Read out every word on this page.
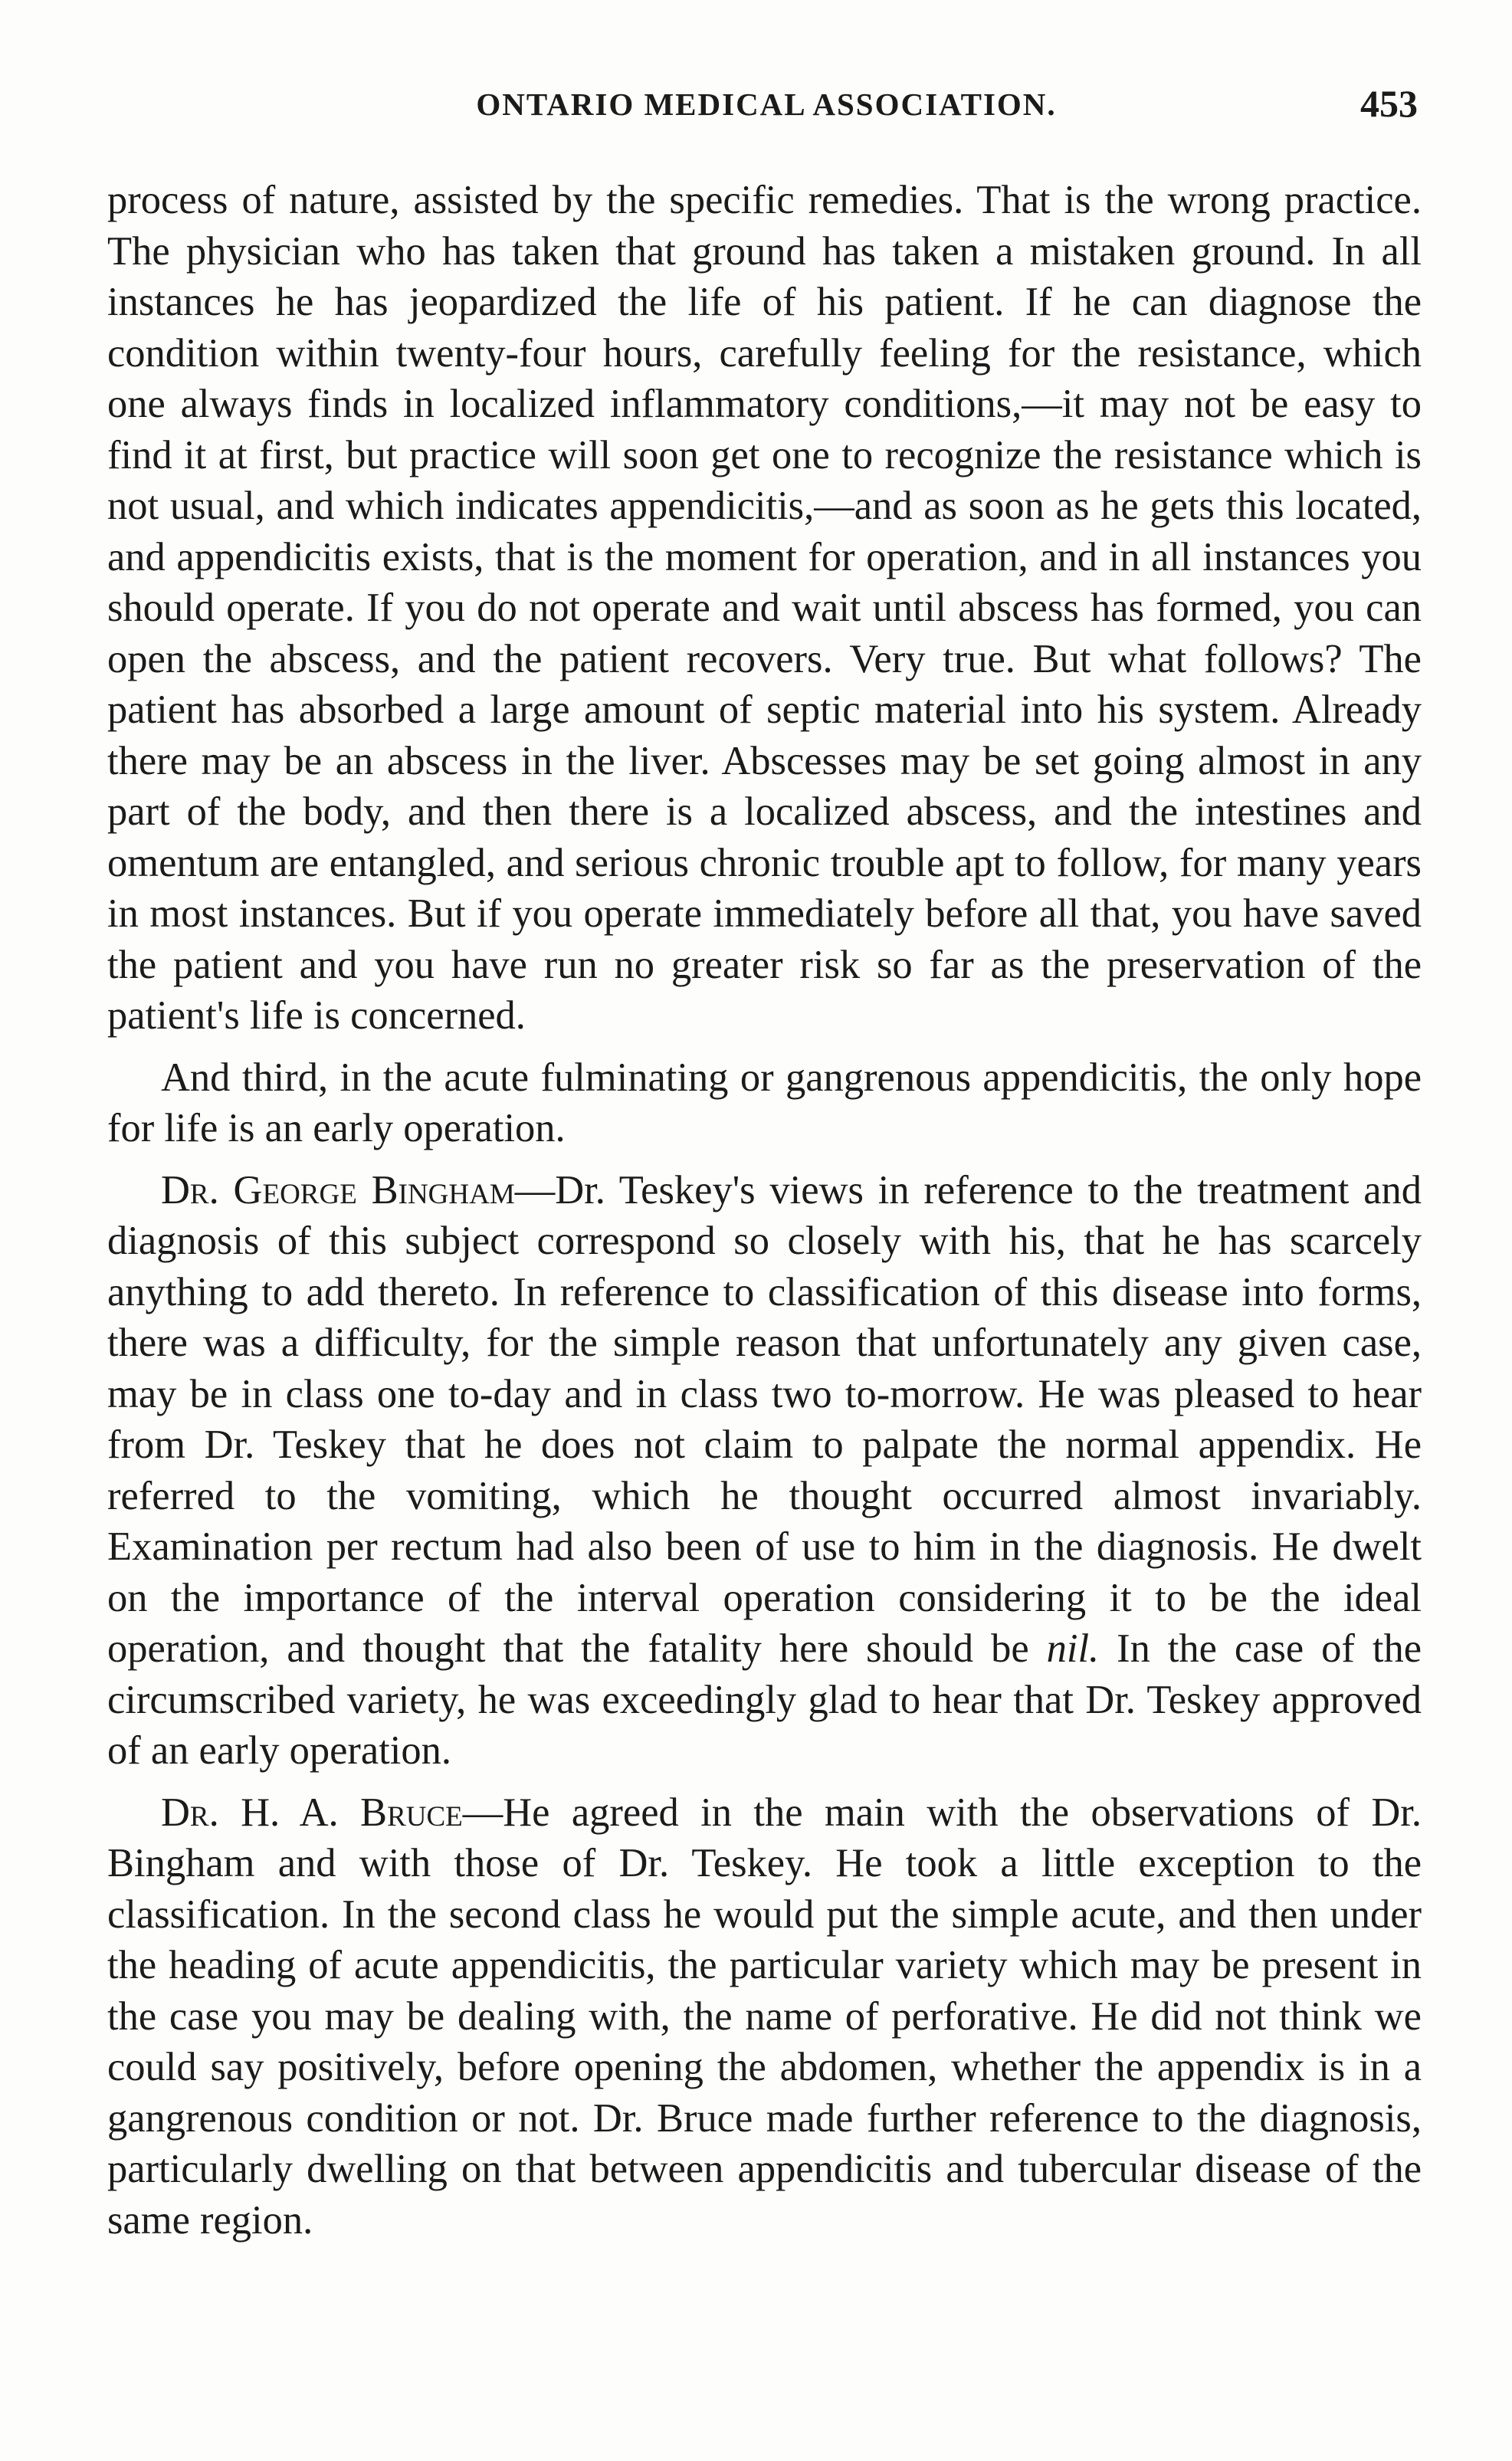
ONTARIO MEDICAL ASSOCIATION.	453

process of nature, assisted by the specific remedies. That is the wrong practice. The physician who has taken that ground has taken a mistaken ground. In all instances he has jeopardized the life of his patient. If he can diagnose the condition within twenty-four hours, carefully feeling for the resistance, which one always finds in localized inflammatory conditions,—it may not be easy to find it at first, but practice will soon get one to recognize the resistance which is not usual, and which indicates appendicitis,—and as soon as he gets this located, and appendicitis exists, that is the moment for operation, and in all instances you should operate. If you do not operate and wait until abscess has formed, you can open the abscess, and the patient recovers. Very true. But what follows? The patient has absorbed a large amount of septic material into his system. Already there may be an abscess in the liver. Abscesses may be set going almost in any part of the body, and then there is a localized abscess, and the intestines and omentum are entangled, and serious chronic trouble apt to follow, for many years in most instances. But if you operate immediately before all that, you have saved the patient and you have run no greater risk so far as the preservation of the patient's life is concerned.

And third, in the acute fulminating or gangrenous appendicitis, the only hope for life is an early operation.

Dr. George Bingham—Dr. Teskey's views in reference to the treatment and diagnosis of this subject correspond so closely with his, that he has scarcely anything to add thereto. In reference to classification of this disease into forms, there was a difficulty, for the simple reason that unfortunately any given case, may be in class one to-day and in class two to-morrow. He was pleased to hear from Dr. Teskey that he does not claim to palpate the normal appendix. He referred to the vomiting, which he thought occurred almost invariably. Examination per rectum had also been of use to him in the diagnosis. He dwelt on the importance of the interval operation considering it to be the ideal operation, and thought that the fatality here should be nil. In the case of the circumscribed variety, he was exceedingly glad to hear that Dr. Teskey approved of an early operation.

Dr. H. A. Bruce—He agreed in the main with the observations of Dr. Bingham and with those of Dr. Teskey. He took a little exception to the classification. In the second class he would put the simple acute, and then under the heading of acute appendicitis, the particular variety which may be present in the case you may be dealing with, the name of perforative. He did not think we could say positively, before opening the abdomen, whether the appendix is in a gangrenous condition or not. Dr. Bruce made further reference to the diagnosis, particularly dwelling on that between appendicitis and tubercular disease of the same region.
